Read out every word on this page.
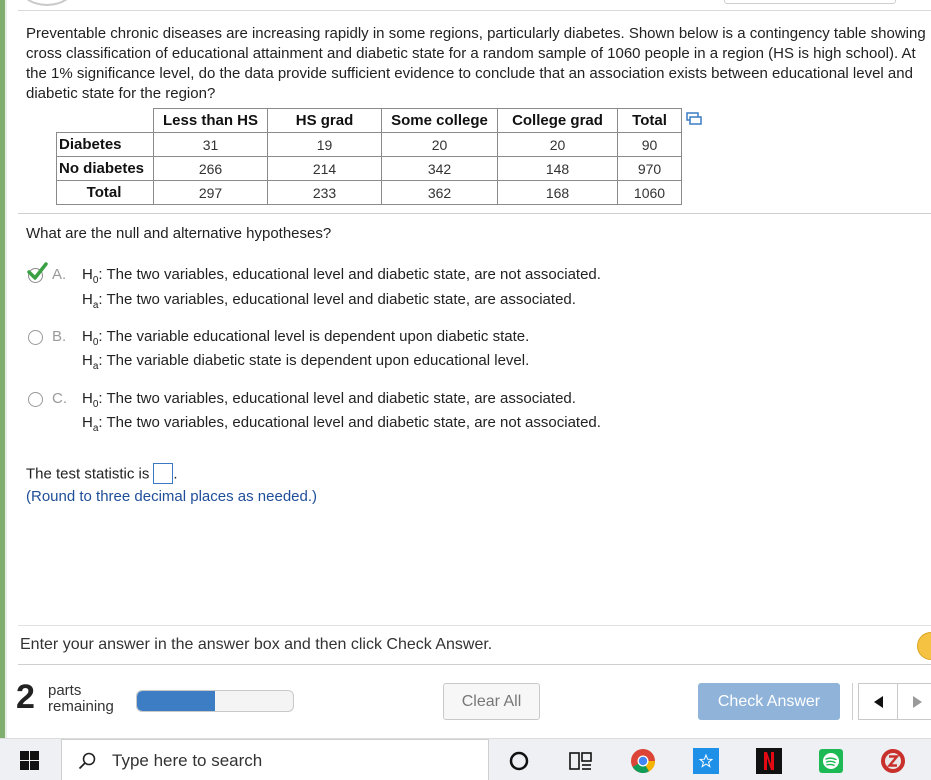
Preventable chronic diseases are increasing rapidly in some regions, particularly diabetes. Shown below is a contingency table showing cross classification of educational attainment and diabetic state for a random sample of 1060 people in a region (HS is high school). At the 1% significance level, do the data provide sufficient evidence to conclude that an association exists between educational level and diabetic state for the region?

	Less than HS	HS grad	Some college	College grad	Total
Diabetes	31	19	20	20	90
No diabetes	266	214	342	148	970
Total	297	233	362	168	1060
What are the null and alternative hypotheses?
A. $H_0$: The two variables, educational level and diabetic state, are not associated.
$H_a$: The two variables, educational level and diabetic state, are associated.
B. $H_0$: The variable educational level is dependent upon diabetic state.
$H_a$: The variable diabetic state is dependent upon educational level.
C. $H_0$: The two variables, educational level and diabetic state, are associated.
$H_a$: The two variables, educational level and diabetic state, are not associated.
The test statistic is .
(Round to three decimal places as needed.)
Enter your answer in the answer box and then click Check Answer.
2 parts
remaining	Clear All	Check Answer
Type here to search
